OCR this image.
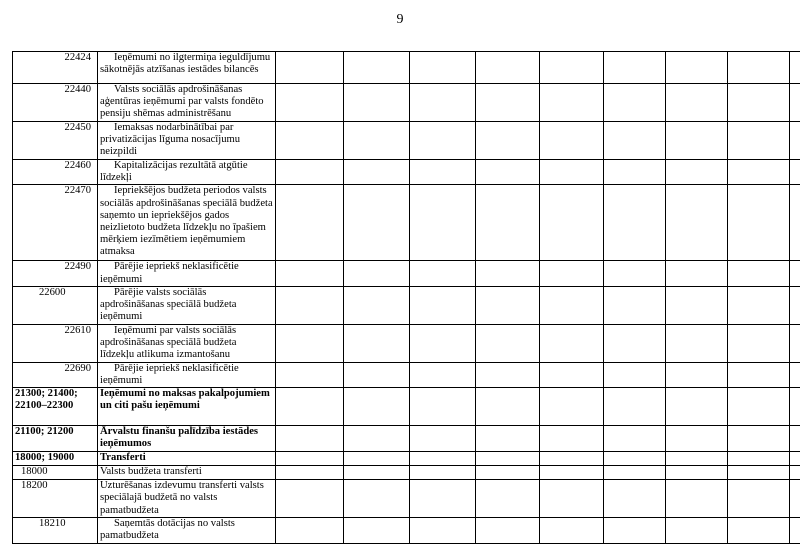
9
22424	Ieņēmumi no ilgtermiņa ieguldījumu sākotnējās atzīšanas iestādes bilancēs									
22440	Valsts sociālās apdrošināšanas aģentūras ieņēmumi par valsts fondēto pensiju shēmas administrēšanu									
22450	Iemaksas nodarbinātībai par privatizācijas līguma nosacījumu neizpildi									
22460	Kapitalizācijas rezultātā atgūtie līdzekļi									
22470	Iepriekšējos budžeta periodos valsts sociālās apdrošināšanas speciālā budžeta saņemto un iepriekšējos gados neizlietoto budžeta līdzekļu no īpašiem mērķiem iezīmētiem ieņēmumiem atmaksa									
22490	Pārējie iepriekš neklasificētie ieņēmumi									
22600	Pārējie valsts sociālās apdrošināšanas speciālā budžeta ieņēmumi									
22610	Ieņēmumi par valsts sociālās apdrošināšanas speciālā budžeta līdzekļu atlikuma izmantošanu									
22690	Pārējie iepriekš neklasificētie ieņēmumi									
21300; 21400; 22100–22300	Ieņēmumi no maksas pakalpojumiem un citi pašu ieņēmumi									
21100; 21200	Ārvalstu finanšu palīdzība iestādes ieņēmumos									
18000; 19000	Transferti									
18000	Valsts budžeta transferti									
18200	Uzturēšanas izdevumu transferti valsts speciālajā budžetā no valsts pamatbudžeta									
18210	Saņemtās dotācijas no valsts pamatbudžeta									
